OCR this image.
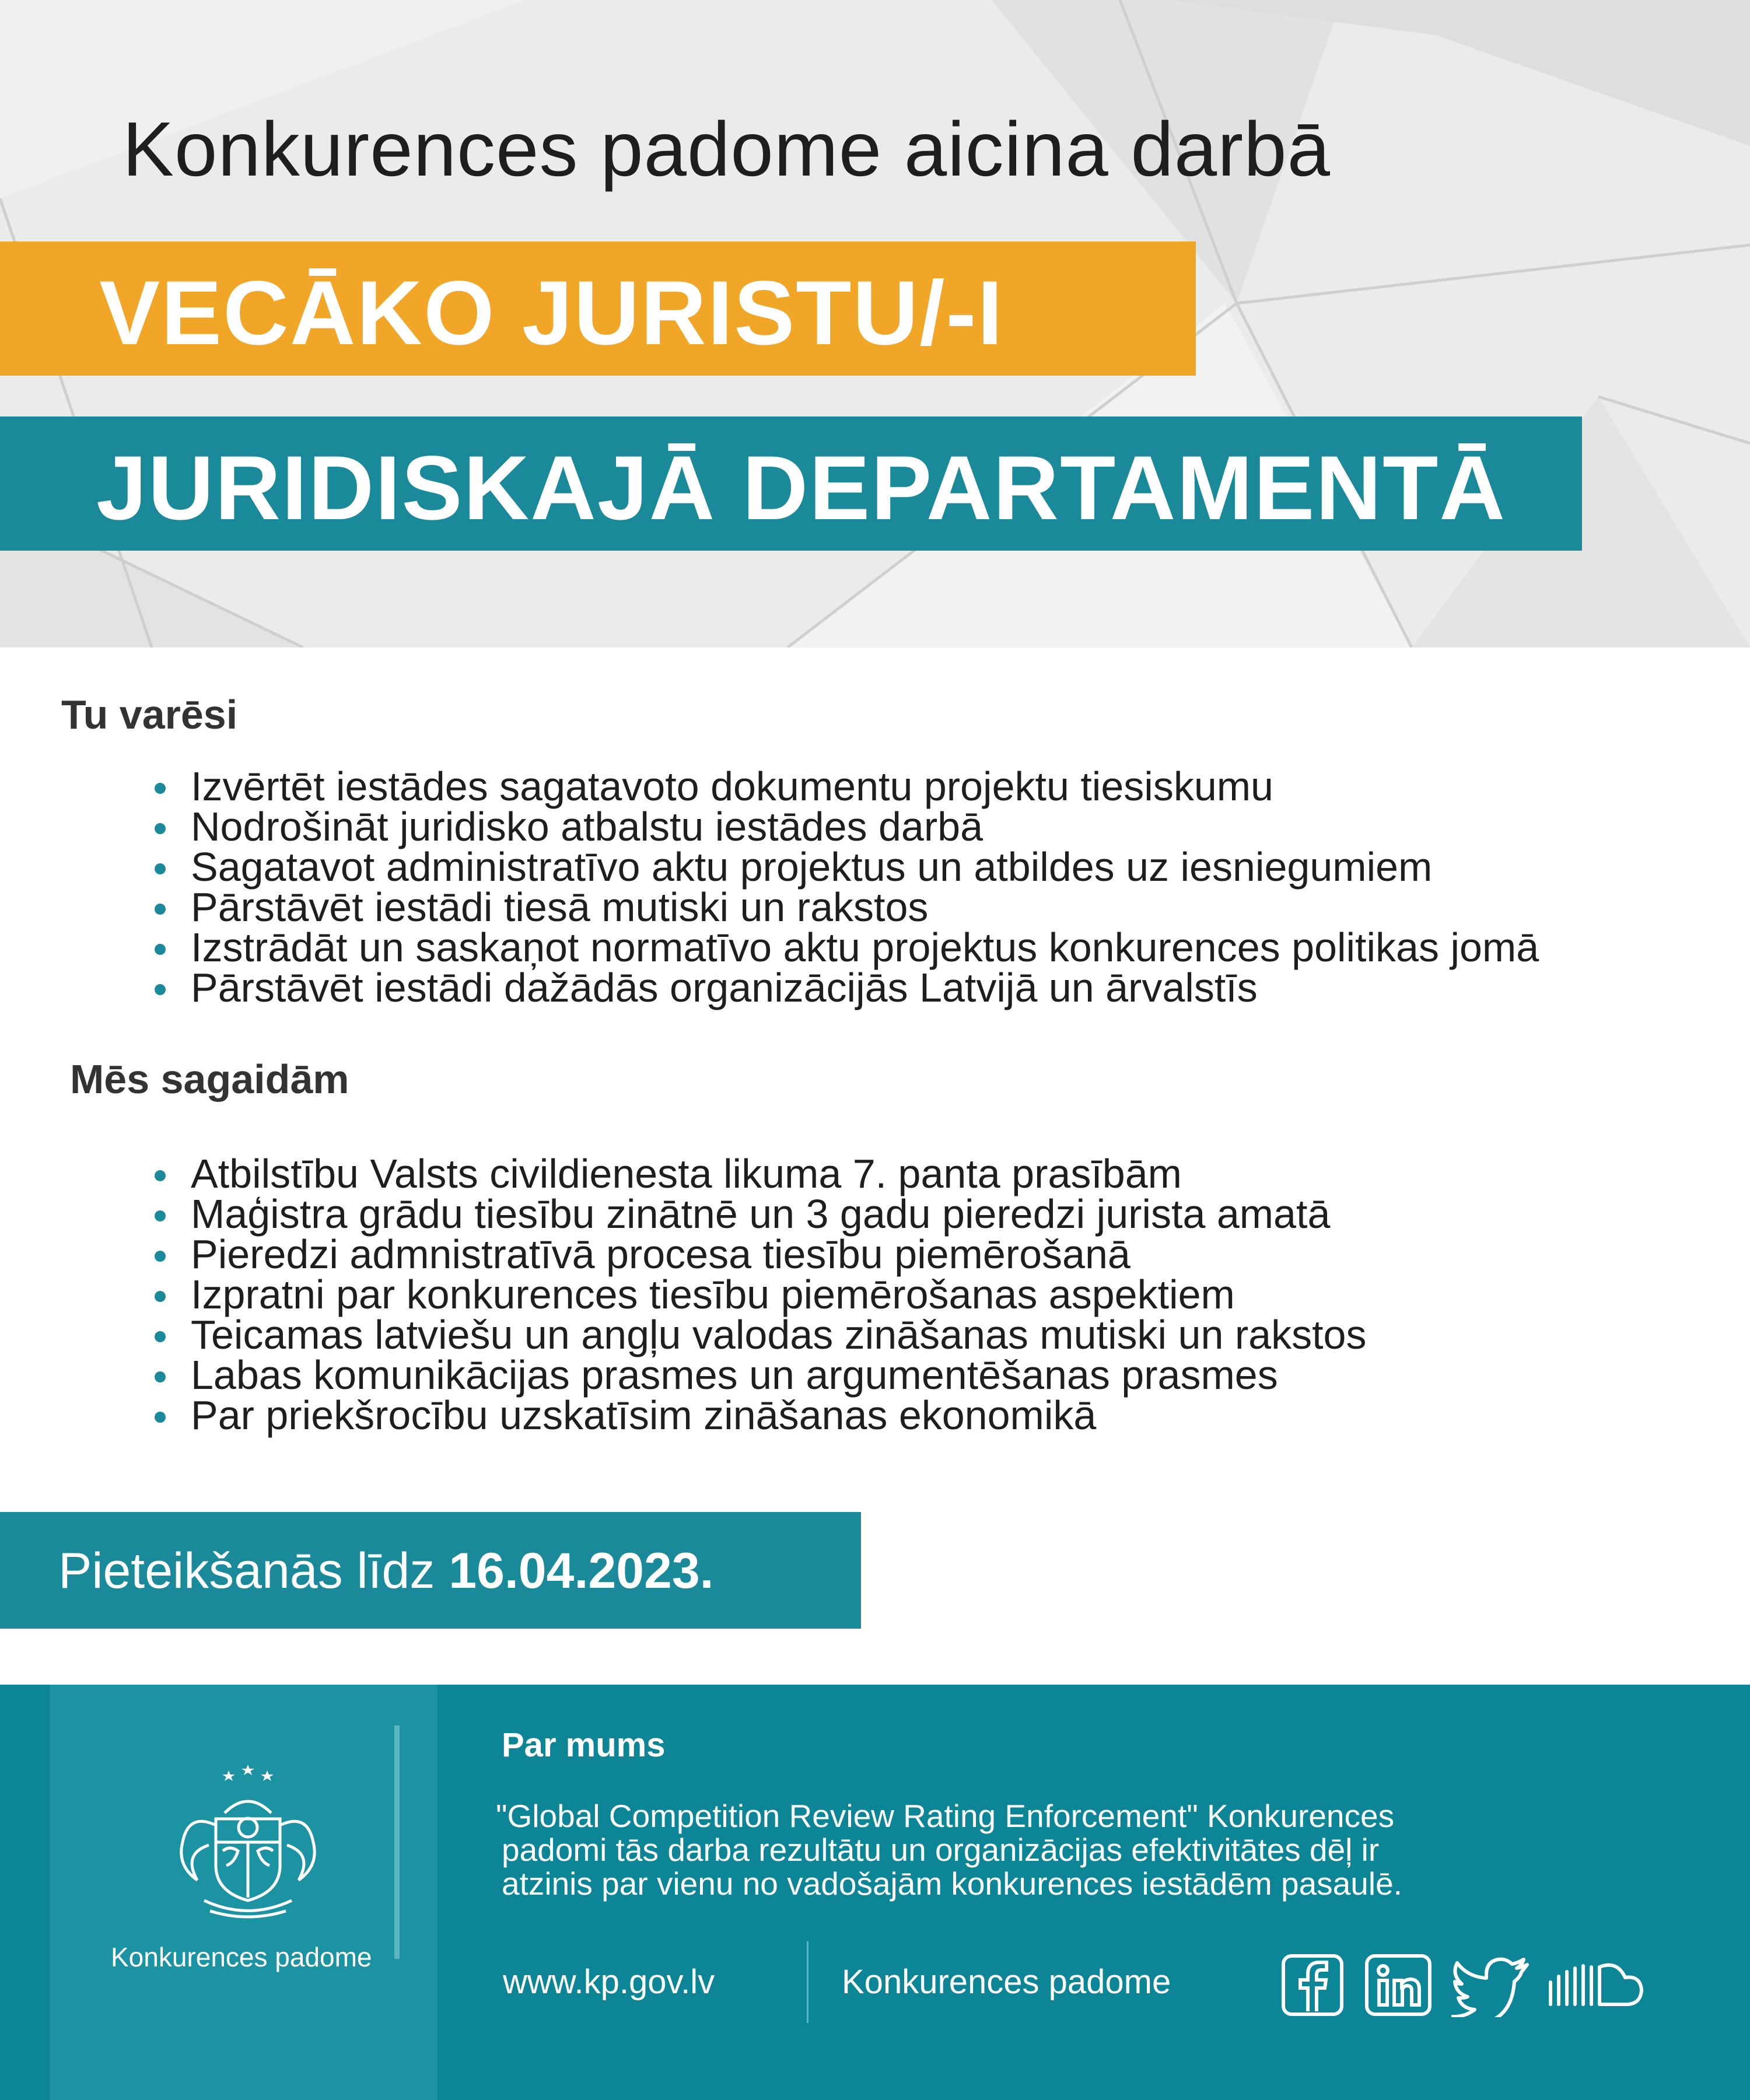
Konkurences padome aicina darbā
VECĀKO JURISTU/-I
JURIDISKAJĀ DEPARTAMENTĀ
Tu varēsi
Izvērtēt iestādes sagatavoto dokumentu projektu tiesiskumu
Nodrošināt juridisko atbalstu iestādes darbā
Sagatavot administratīvo aktu projektus un atbildes uz iesniegumiem
Pārstāvēt iestādi tiesā mutiski un rakstos
Izstrādāt un saskaņot normatīvo aktu projektus konkurences politikas jomā
Pārstāvēt iestādi dažādās organizācijās Latvijā un ārvalstīs
Mēs sagaidām
Atbilstību Valsts civildienesta likuma 7. panta prasībām
Maģistra grādu tiesību zinātnē un 3 gadu pieredzi jurista amatā
Pieredzi admnistratīvā procesa tiesību piemērošanā
Izpratni par konkurences tiesību piemērošanas aspektiem
Teicamas latviešu un angļu valodas zināšanas mutiski un rakstos
Labas komunikācijas prasmes un argumentēšanas prasmes
Par priekšrocību uzskatīsim zināšanas ekonomikā
Pieteikšanās līdz 16.04.2023.
Konkurences padome
Par mums
"Global Competition Review Rating Enforcement" Konkurences
padomi tās darba rezultātu un organizācijas efektivitātes dēļ ir
atzinis par vienu no vadošajām konkurences iestādēm pasaulē.
www.kp.gov.lv	Konkurences padome
